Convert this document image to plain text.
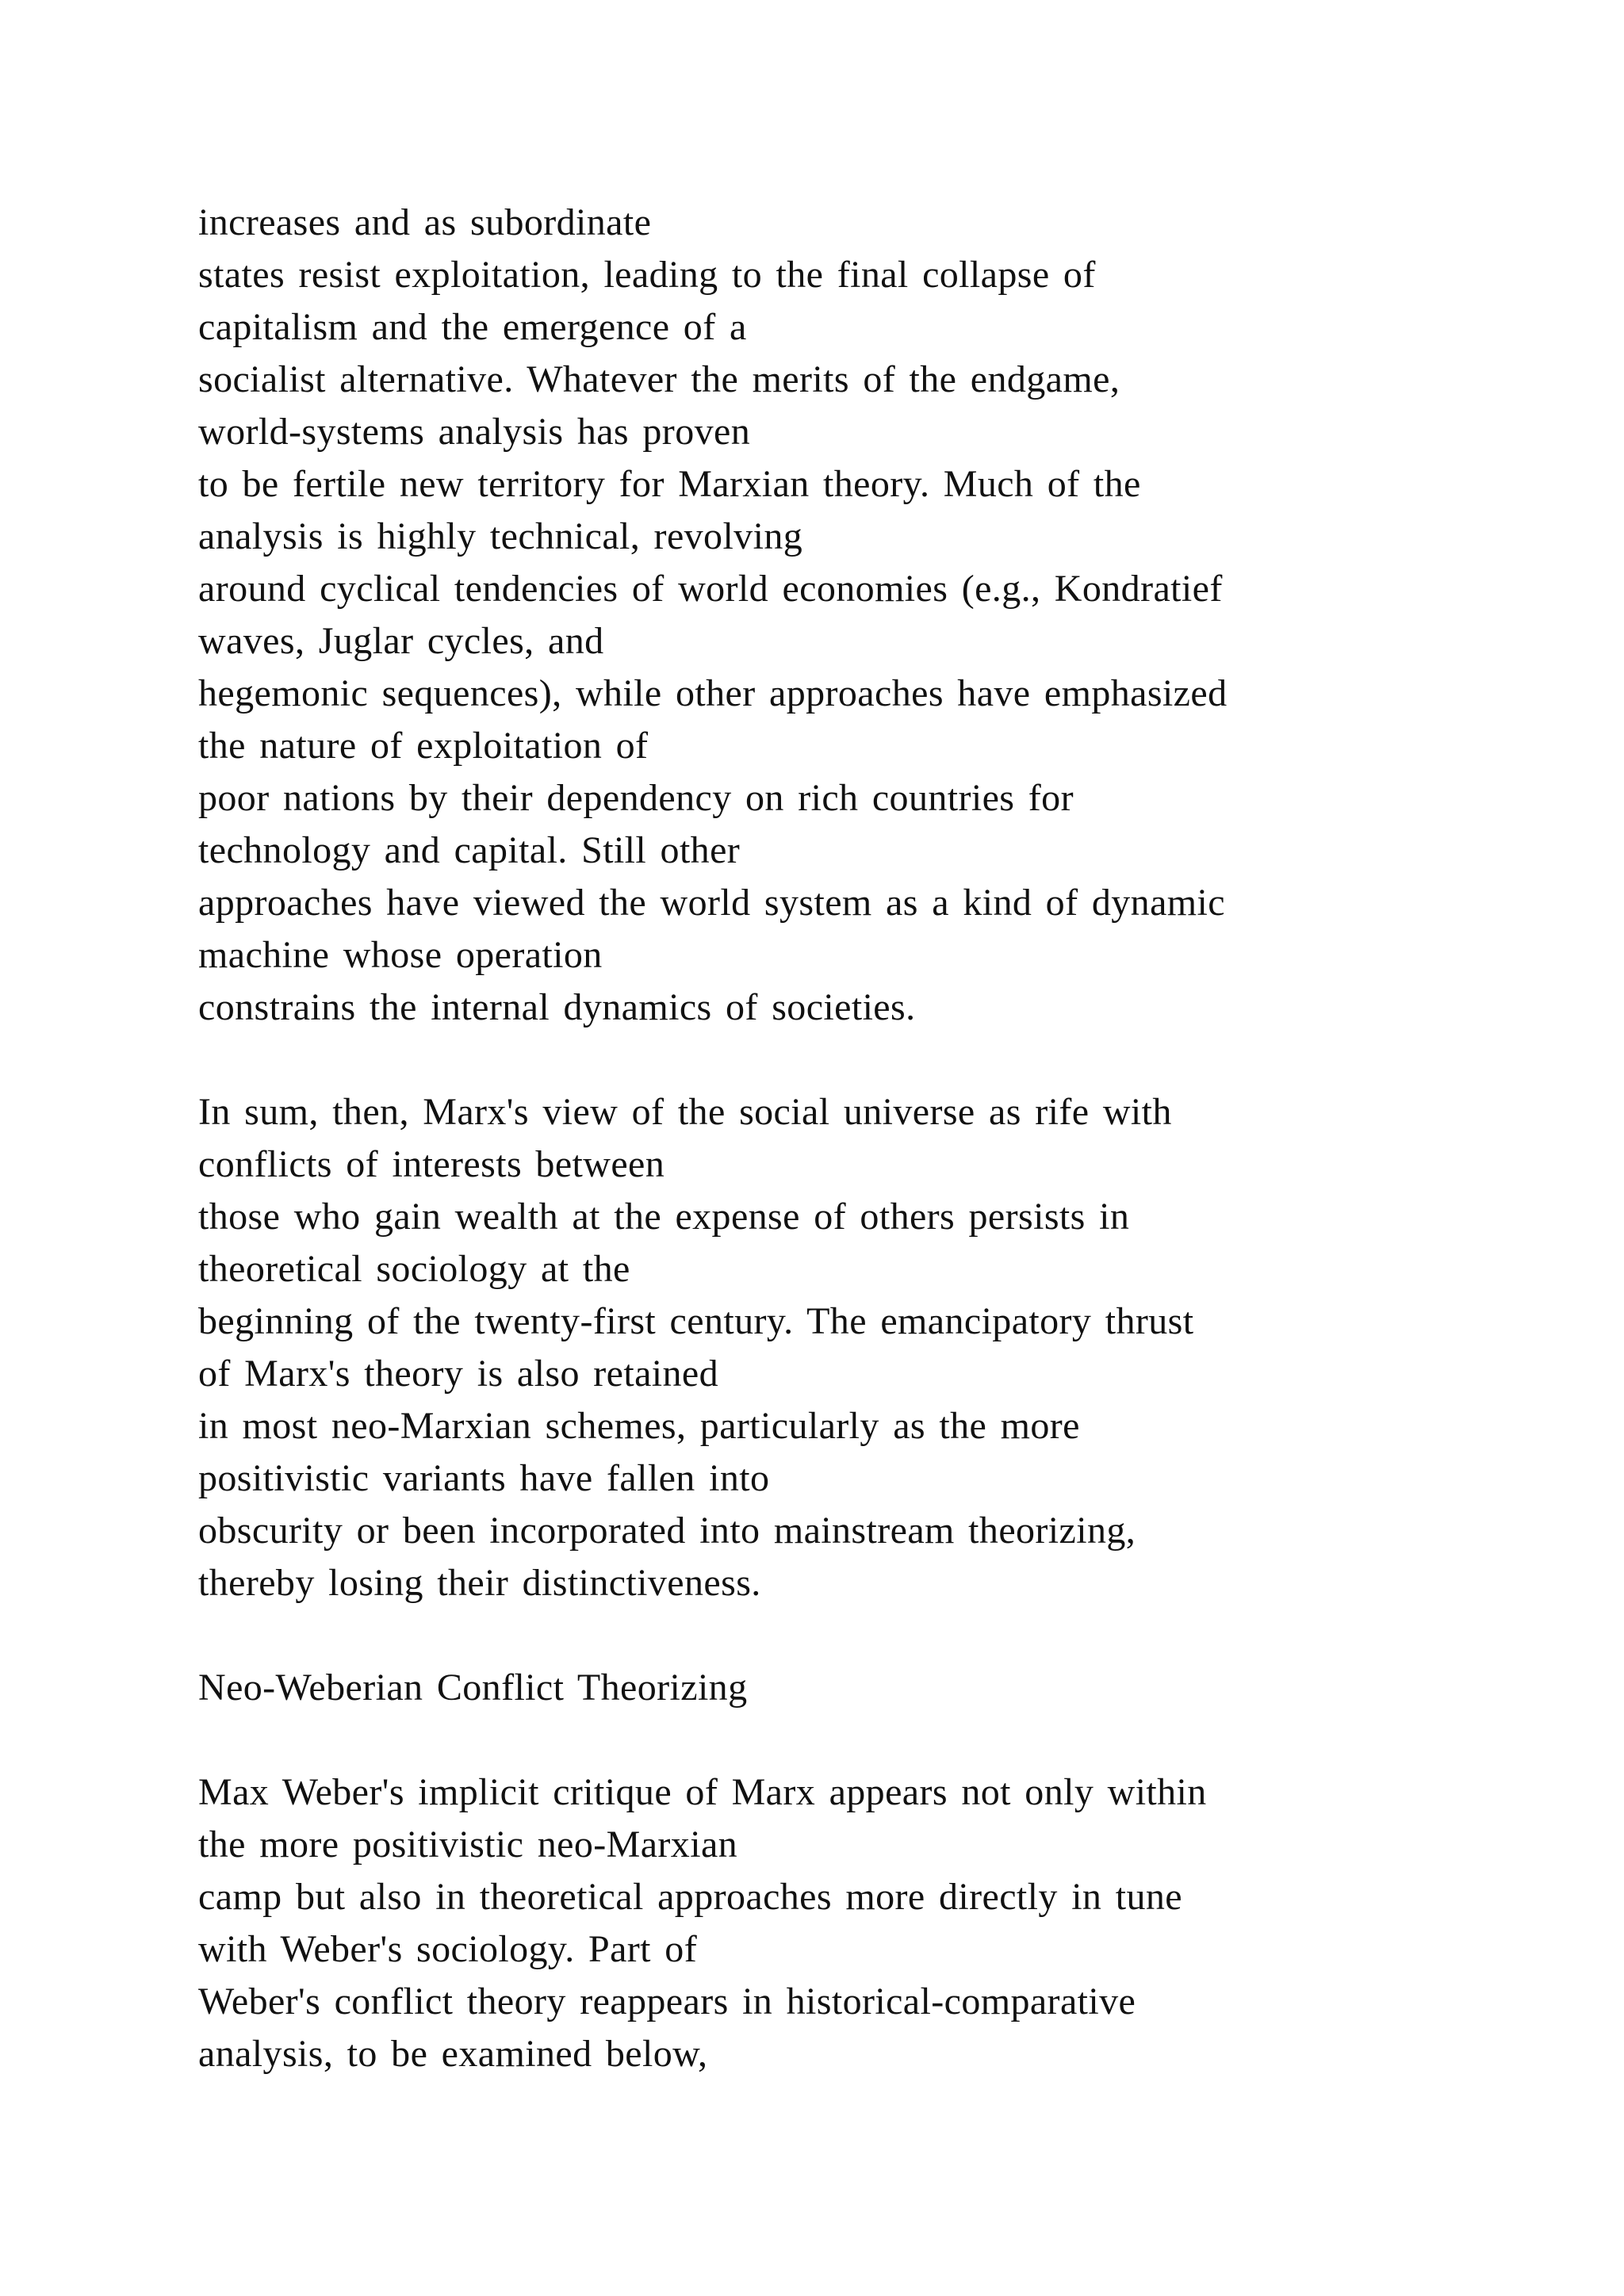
increases and as subordinate
states resist exploitation, leading to the final collapse of
capitalism and the emergence of a
socialist alternative. Whatever the merits of the endgame,
world-systems analysis has proven
to be fertile new territory for Marxian theory. Much of the
analysis is highly technical, revolving
around cyclical tendencies of world economies (e.g., Kondratief
waves, Juglar cycles, and
hegemonic sequences), while other approaches have emphasized
the nature of exploitation of
poor nations by their dependency on rich countries for
technology and capital. Still other
approaches have viewed the world system as a kind of dynamic
machine whose operation
constrains the internal dynamics of societies.
In sum, then, Marx's view of the social universe as rife with
conflicts of interests between
those who gain wealth at the expense of others persists in
theoretical sociology at the
beginning of the twenty-first century. The emancipatory thrust
of Marx's theory is also retained
in most neo-Marxian schemes, particularly as the more
positivistic variants have fallen into
obscurity or been incorporated into mainstream theorizing,
thereby losing their distinctiveness.
Neo-Weberian Conflict Theorizing
Max Weber's implicit critique of Marx appears not only within
the more positivistic neo-Marxian
camp but also in theoretical approaches more directly in tune
with Weber's sociology. Part of
Weber's conflict theory reappears in historical-comparative
analysis, to be examined below,
